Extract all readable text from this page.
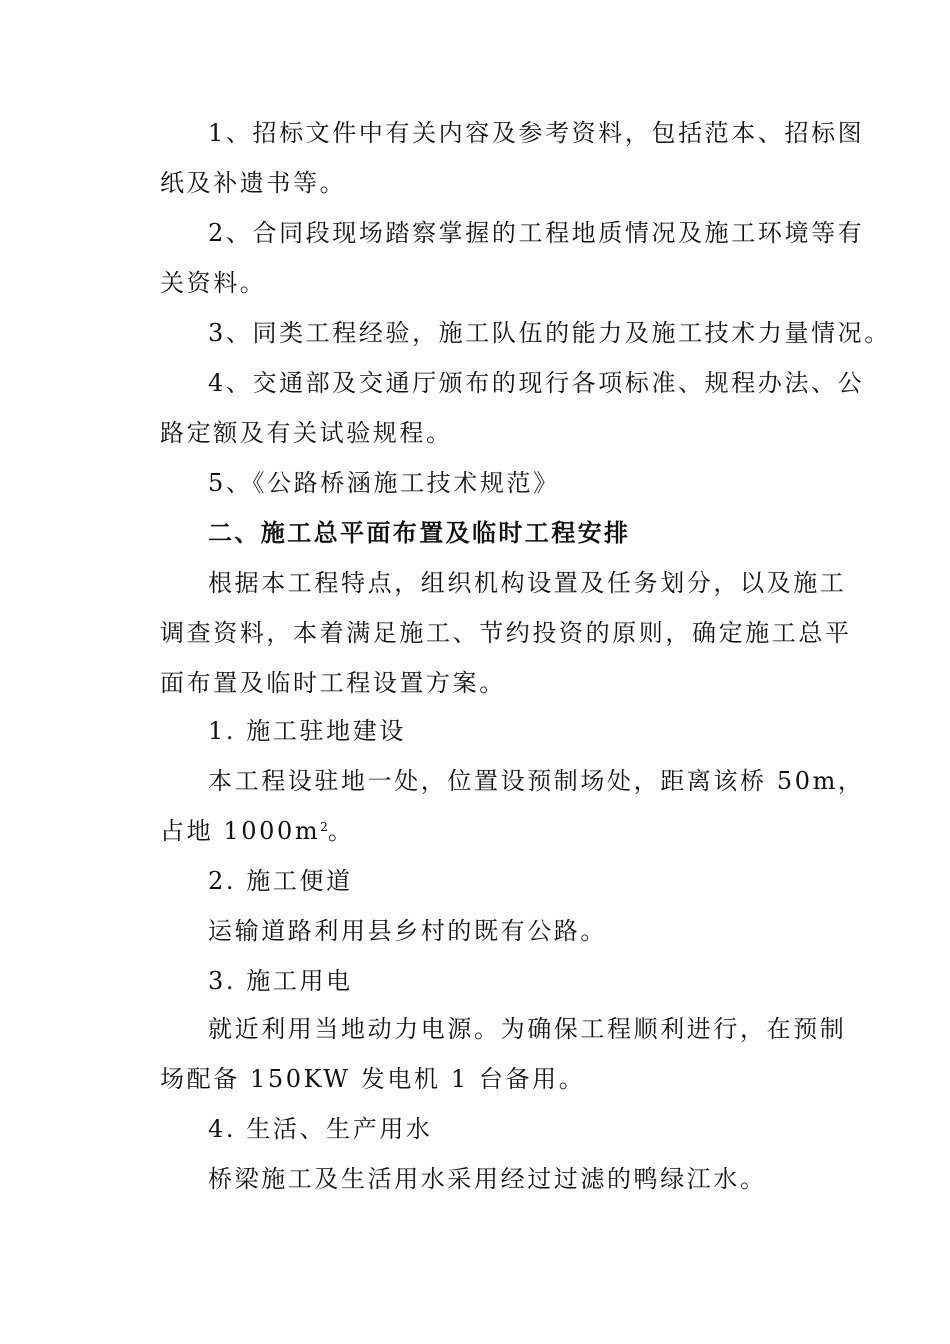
1、招标文件中有关内容及参考资料，包括范本、招标图
纸及补遗书等。
2、合同段现场踏察掌握的工程地质情况及施工环境等有
关资料。
3、同类工程经验，施工队伍的能力及施工技术力量情况。
4、交通部及交通厅颁布的现行各项标准、规程办法、公
路定额及有关试验规程。
5、《公路桥涵施工技术规范》
二、施工总平面布置及临时工程安排
根据本工程特点，组织机构设置及任务划分，以及施工
调查资料，本着满足施工、节约投资的原则，确定施工总平
面布置及临时工程设置方案。
1. 施工驻地建设
本工程设驻地一处，位置设预制场处，距离该桥 50m，
占地 $1000m^2$。
2. 施工便道
运输道路利用县乡村的既有公路。
3. 施工用电
就近利用当地动力电源。为确保工程顺利进行，在预制
场配备 150KW 发电机 1 台备用。
4. 生活、生产用水
桥梁施工及生活用水采用经过过滤的鸭绿江水。
